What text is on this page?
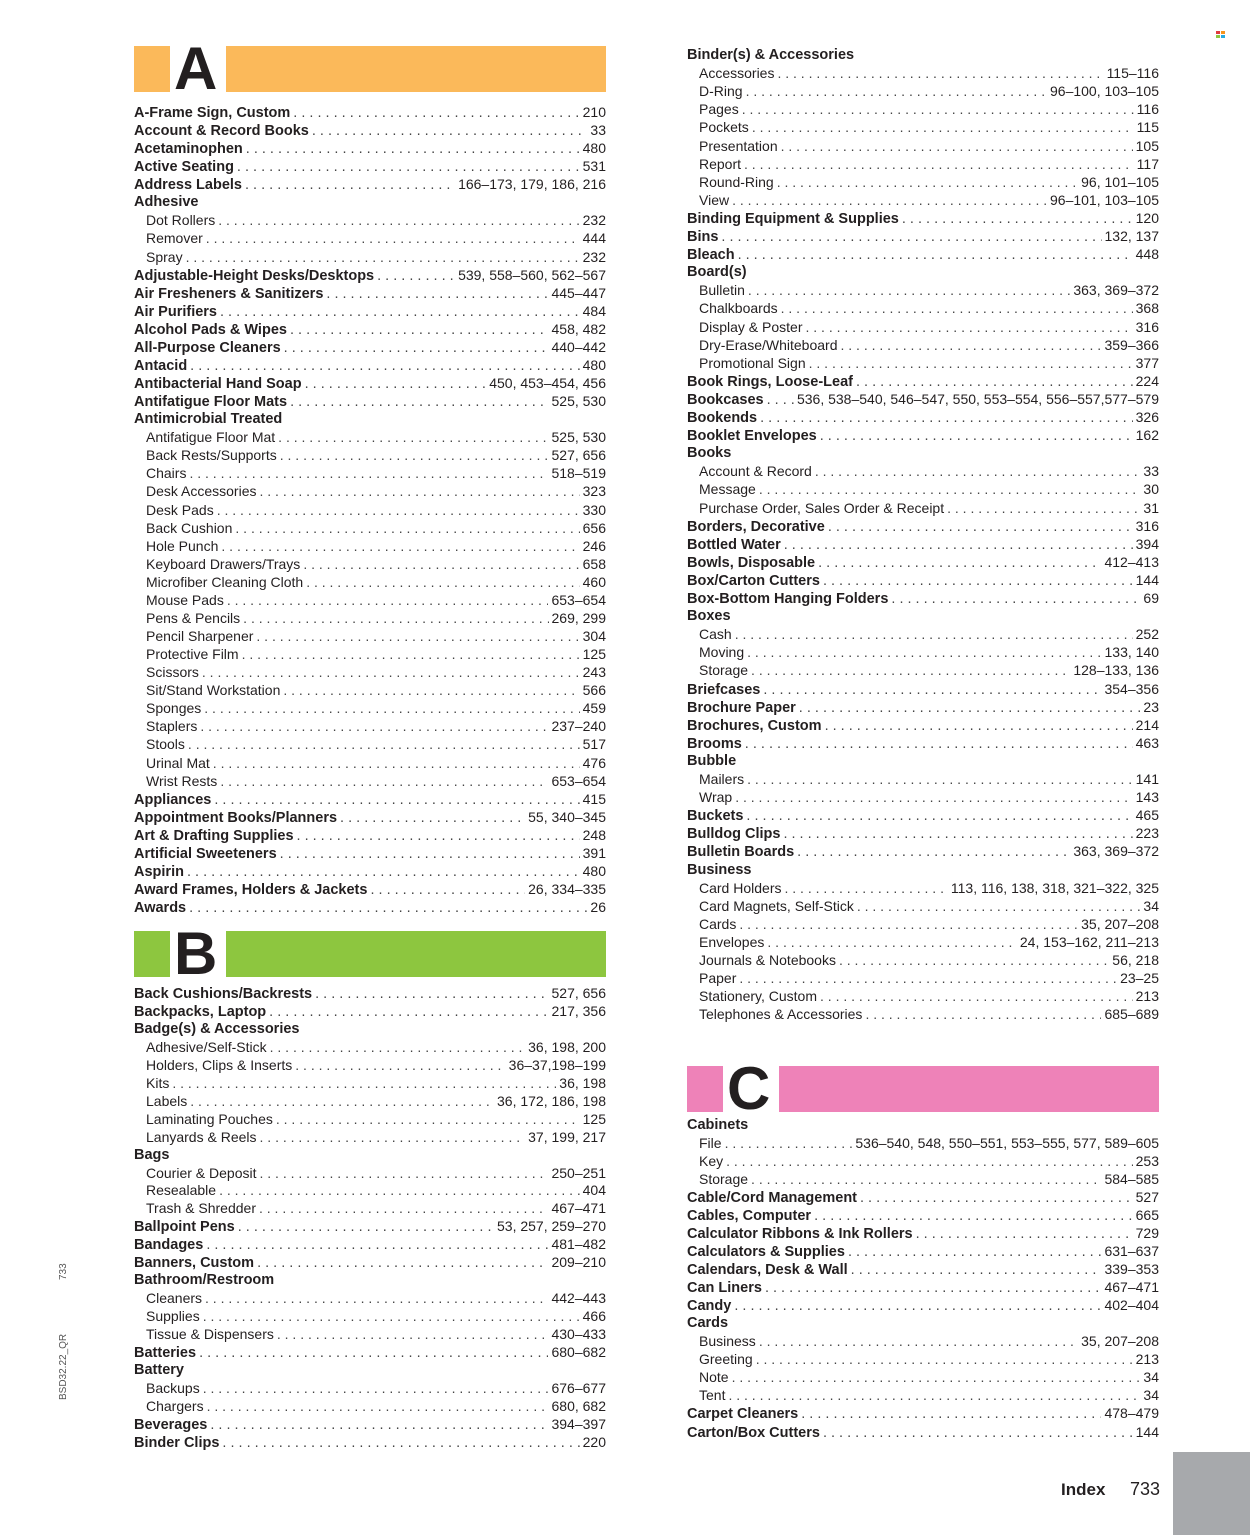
A
A-Frame Sign, Custom . . .	210
Account & Record Books . . .	33
Acetaminophen . . .	480
Active Seating . . .	531
Address Labels . . .	166–173, 179, 186, 216
Adhesive
Dot Rollers . . .	232
Remover . . .	444
Spray . . .	232
Adjustable-Height Desks/Desktops . . .	539, 558–560, 562–567
Air Fresheners & Sanitizers . . .	445–447
Air Purifiers . . .	484
Alcohol Pads & Wipes . . .	458, 482
All-Purpose Cleaners . . .	440–442
Antacid . . .	480
Antibacterial Hand Soap . . .	450, 453–454, 456
Antifatigue Floor Mats . . .	525, 530
Antimicrobial Treated
Antifatigue Floor Mat . . .	525, 530
Back Rests/Supports . . .	527, 656
Chairs . . .	518–519
Desk Accessories . . .	323
Desk Pads . . .	330
Back Cushion . . .	656
Hole Punch . . .	246
Keyboard Drawers/Trays . . .	658
Microfiber Cleaning Cloth . . .	460
Mouse Pads . . .	653–654
Pens & Pencils . . .	269, 299
Pencil Sharpener . . .	304
Protective Film . . .	125
Scissors . . .	243
Sit/Stand Workstation . . .	566
Sponges . . .	459
Staplers . . .	237–240
Stools . . .	517
Urinal Mat . . .	476
Wrist Rests . . .	653–654
Appliances . . .	415
Appointment Books/Planners . . .	55, 340–345
Art & Drafting Supplies . . .	248
Artificial Sweeteners . . .	391
Aspirin . . .	480
Award Frames, Holders & Jackets . . .	26, 334–335
Awards . . .	26
B
Back Cushions/Backrests . . .	527, 656
Backpacks, Laptop . . .	217, 356
Badge(s) & Accessories
Adhesive/Self-Stick . . .	36, 198, 200
Holders, Clips & Inserts . . .	36–37,198–199
Kits . . .	36, 198
Labels . . .	36, 172, 186, 198
Laminating Pouches . . .	125
Lanyards & Reels . . .	37, 199, 217
Bags
Courier & Deposit . . .	250–251
Resealable . . .	404
Trash & Shredder . . .	467–471
Ballpoint Pens . . .	53, 257, 259–270
Bandages . . .	481–482
Banners, Custom . . .	209–210
Bathroom/Restroom
Cleaners . . .	442–443
Supplies . . .	466
Tissue & Dispensers . . .	430–433
Batteries . . .	680–682
Battery
Backups . . .	676–677
Chargers . . .	680, 682
Beverages . . .	394–397
Binder Clips . . .	220
Binder(s) & Accessories
Accessories . . .	115–116
D-Ring . . .	96–100, 103–105
Pages . . .	116
Pockets . . .	115
Presentation . . .	105
Report . . .	117
Round-Ring . . .	96, 101–105
View . . .	96–101, 103–105
Binding Equipment & Supplies . . .	120
Bins . . .	132, 137
Bleach . . .	448
Board(s)
Bulletin . . .	363, 369–372
Chalkboards . . .	368
Display & Poster . . .	316
Dry-Erase/Whiteboard . . .	359–366
Promotional Sign . . .	377
Book Rings, Loose-Leaf . . .	224
Bookcases . . . 536, 538–540, 546–547, 550, 553–554, 556–557,577–579
Bookends . . .	326
Booklet Envelopes . . .	162
Books
Account & Record . . .	33
Message . . .	30
Purchase Order, Sales Order & Receipt . . .	31
Borders, Decorative . . .	316
Bottled Water . . .	394
Bowls, Disposable . . .	412–413
Box/Carton Cutters . . .	144
Box-Bottom Hanging Folders . . .	69
Boxes
Cash . . .	252
Moving . . .	133, 140
Storage . . .	128–133, 136
Briefcases . . .	354–356
Brochure Paper . . .	23
Brochures, Custom . . .	214
Brooms . . .	463
Bubble
Mailers . . .	141
Wrap . . .	143
Buckets . . .	465
Bulldog Clips . . .	223
Bulletin Boards . . .	363, 369–372
Business
Card Holders . . .	113, 116, 138, 318, 321–322, 325
Card Magnets, Self-Stick . . .	34
Cards . . .	35, 207–208
Envelopes . . .	24, 153–162, 211–213
Journals & Notebooks . . .	56, 218
Paper . . .	23–25
Stationery, Custom . . .	213
Telephones & Accessories . . .	685–689
C
Cabinets
File . . .	536–540, 548, 550–551, 553–555, 577, 589–605
Key . . .	253
Storage . . .	584–585
Cable/Cord Management . . .	527
Cables, Computer . . .	665
Calculator Ribbons & Ink Rollers . . .	729
Calculators & Supplies . . .	631–637
Calendars, Desk & Wall . . .	339–353
Can Liners . . .	467–471
Candy . . .	402–404
Cards
Business . . .	35, 207–208
Greeting . . .	213
Note . . .	34
Tent . . .	34
Carpet Cleaners . . .	478–479
Carton/Box Cutters . . .	144
733
BSD32.22_QR
Index 733
